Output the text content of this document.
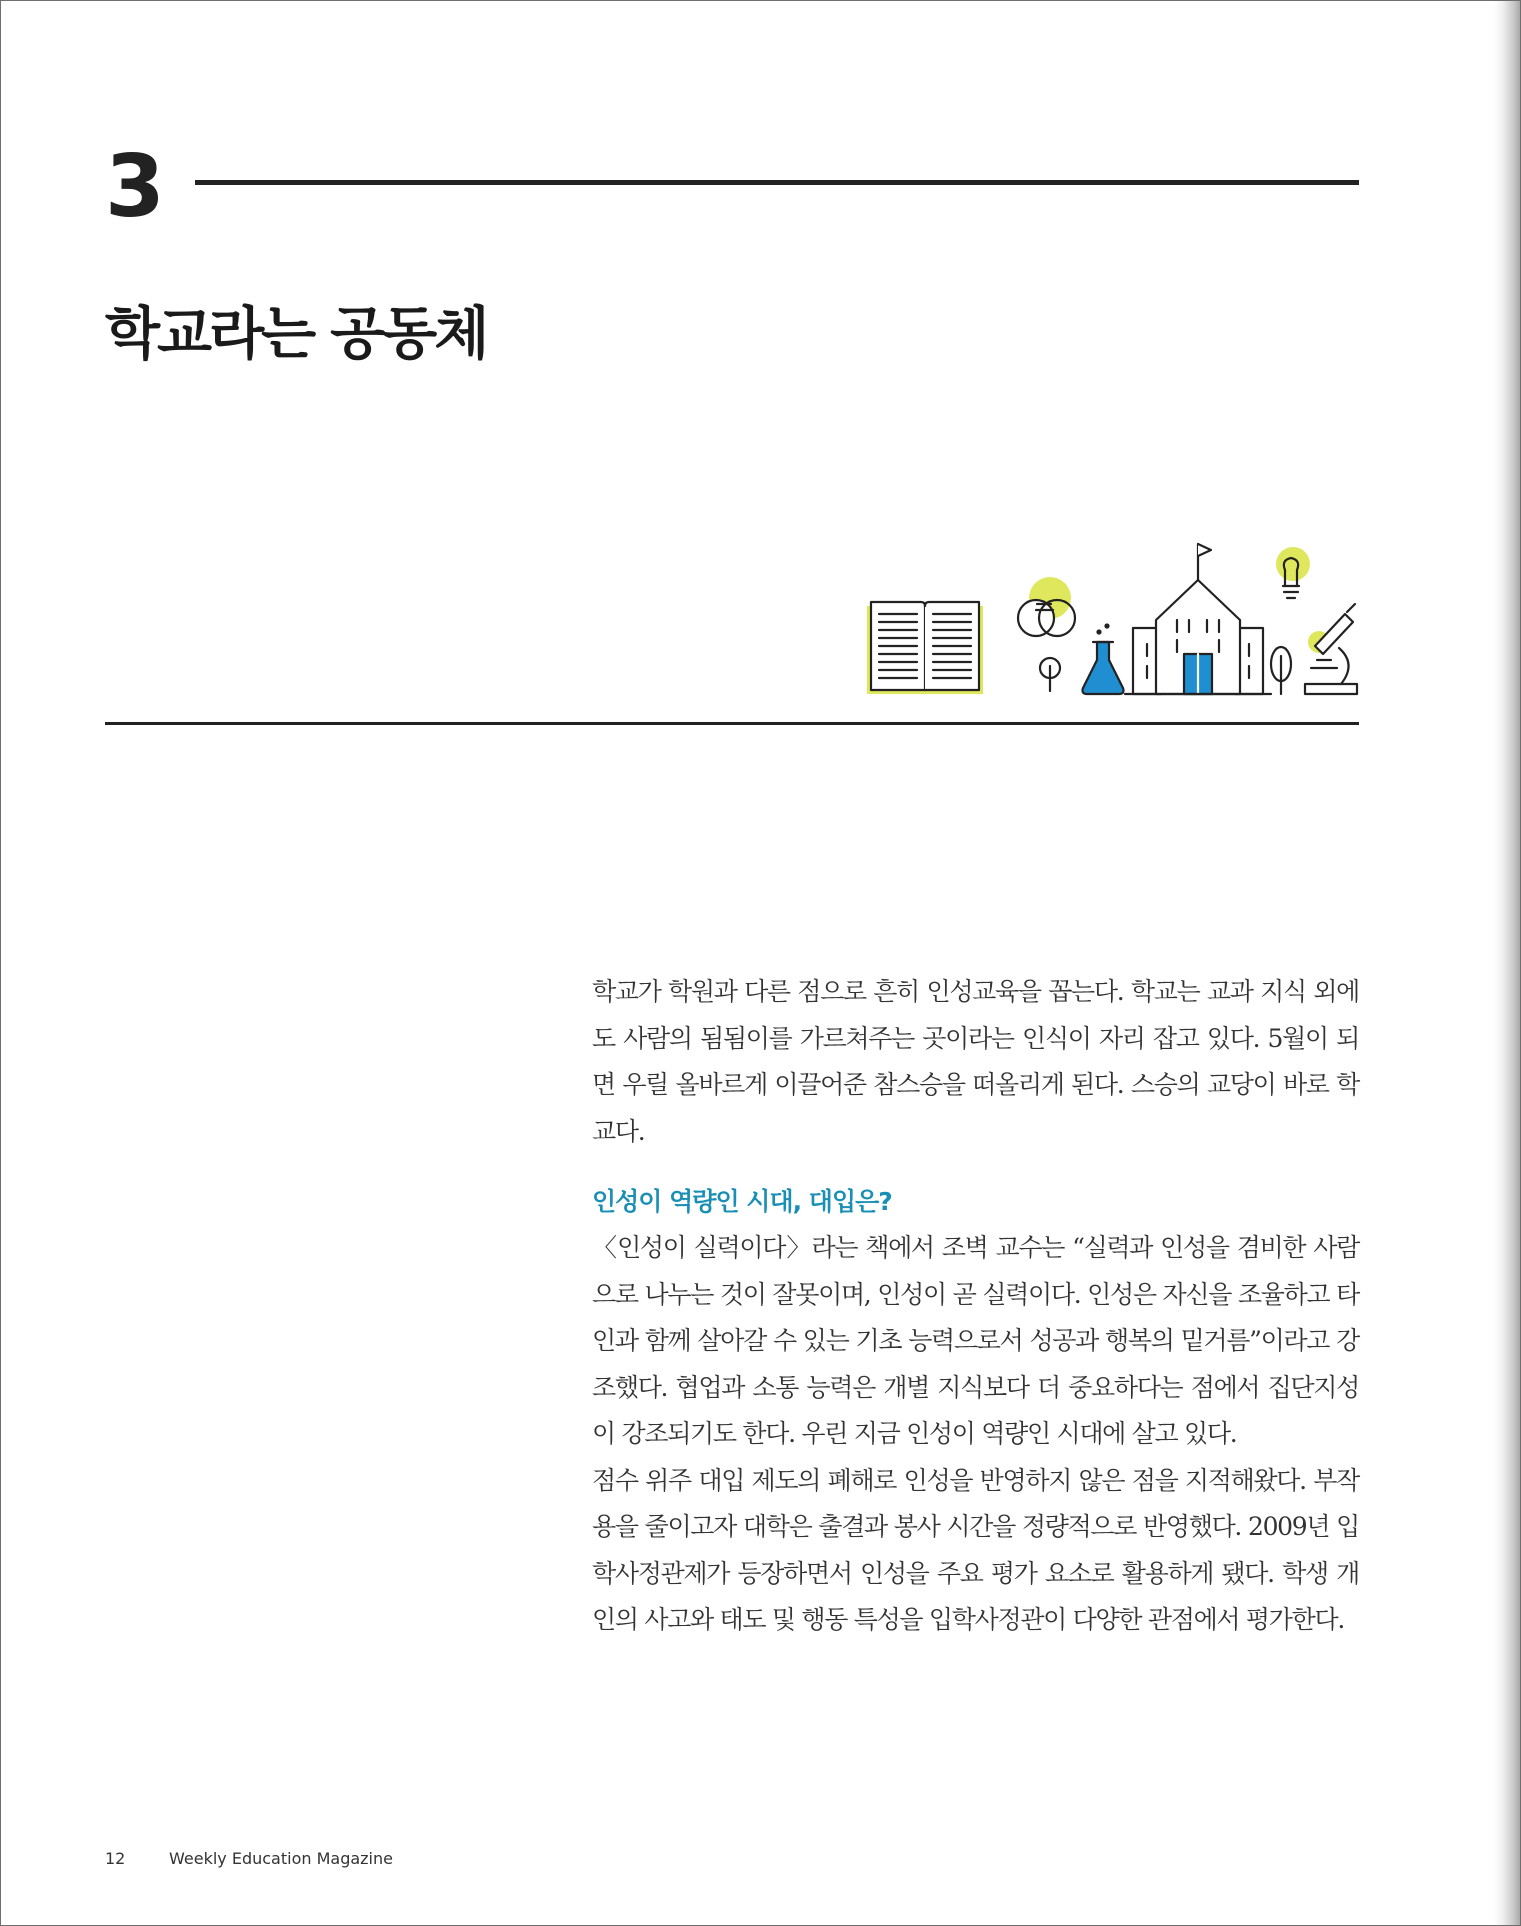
3
학교라는 공동체

학교가 학원과 다른 점으로 흔히 인성교육을 꼽는다. 학교는 교과 지식 외에도 사람의 됨됨이를 가르쳐주는 곳이라는 인식이 자리 잡고 있다. 5월이 되면 우릴 올바르게 이끌어준 참스승을 떠올리게 된다. 스승의 교당이 바로 학교다.

인성이 역량인 시대, 대입은?

〈인성이 실력이다〉라는 책에서 조벽 교수는 “실력과 인성을 겸비한 사람으로 나누는 것이 잘못이며, 인성이 곧 실력이다. 인성은 자신을 조율하고 타인과 함께 살아갈 수 있는 기초 능력으로서 성공과 행복의 밑거름”이라고 강조했다. 협업과 소통 능력은 개별 지식보다 더 중요하다는 점에서 집단지성이 강조되기도 한다. 우린 지금 인성이 역량인 시대에 살고 있다.

점수 위주 대입 제도의 폐해로 인성을 반영하지 않은 점을 지적해왔다. 부작용을 줄이고자 대학은 출결과 봉사 시간을 정량적으로 반영했다. 2009년 입학사정관제가 등장하면서 인성을 주요 평가 요소로 활용하게 됐다. 학생 개인의 사고와 태도 및 행동 특성을 입학사정관이 다양한 관점에서 평가한다.

12	Weekly Education Magazine
